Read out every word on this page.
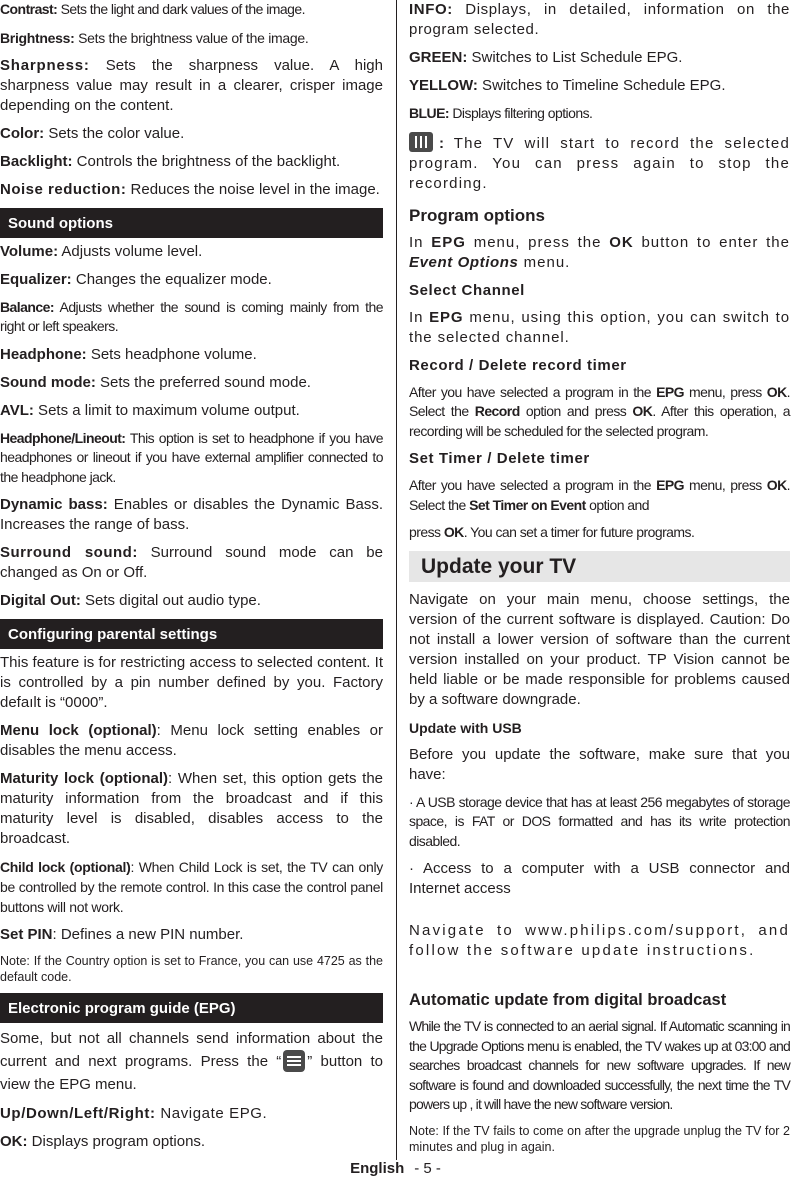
Contrast: Sets the light and dark values of the image.

Brightness: Sets the brightness value of the image.

Sharpness: Sets the sharpness value. A high sharpness value may result in a clearer, crisper image depending on the content.

Color: Sets the color value.

Backlight: Controls the brightness of the backlight.

Noise reduction: Reduces the noise level in the image.

Sound options

Volume: Adjusts volume level.

Equalizer: Changes the equalizer mode.

Balance: Adjusts whether the sound is coming mainly from the right or left speakers.

Headphone: Sets headphone volume.

Sound mode: Sets the preferred sound mode.

AVL: Sets a limit to maximum volume output.

Headphone/Lineout: This option is set to headphone if you have headphones or lineout if you have external amplifier connected to the headphone jack.

Dynamic bass: Enables or disables the Dynamic Bass. Increases the range of bass.

Surround sound: Surround sound mode can be changed as On or Off.

Digital Out: Sets digital out audio type.

Configuring parental settings

This feature is for restricting access to selected content. It is controlled by a pin number defined by you. Factory defaılt is “0000”.

Menu lock (optional): Menu lock setting enables or disables the menu access.

Maturity lock (optional): When set, this option gets the maturity information from the broadcast and if this maturity level is disabled, disables access to the broadcast.

Child lock (optional): When Child Lock is set, the TV can only be controlled by the remote control. In this case the control panel buttons will not work.

Set PIN: Defines a new PIN number.

Note: If the Country option is set to France, you can use 4725 as the default code.

Electronic program guide (EPG)

Some, but not all channels send information about the current and next programs. Press the “ ” button to view the EPG menu.

Up/Down/Left/Right: Navigate EPG.

OK: Displays program options.

INFO: Displays, in detailed, information on the program selected.

GREEN: Switches to List Schedule EPG.

YELLOW: Switches to Timeline Schedule EPG.

BLUE: Displays filtering options.

: The TV will start to record the selected program. You can press again to stop the recording.

Program options

In EPG menu, press the OK button to enter the Event Options menu.

Select Channel

In EPG menu, using this option, you can switch to the selected channel.

Record / Delete record timer

After you have selected a program in the EPG menu, press OK. Select the Record option and press OK. After this operation, a recording will be scheduled for the selected program.

Set Timer / Delete timer

After you have selected a program in the EPG menu, press OK. Select the Set Timer on Event option and

press OK. You can set a timer for future programs.

Update your TV

Navigate on your main menu, choose settings, the version of the current software is displayed. Caution: Do not install a lower version of software than the current version installed on your product. TP Vision cannot be held liable or be made responsible for problems caused by a software downgrade.

Update with USB

Before you update the software, make sure that you have:

· A USB storage device that has at least 256 megabytes of storage space, is FAT or DOS formatted and has its write protection disabled.

· Access to a computer with a USB connector and Internet access

Navigate to www.philips.com/support, and follow the software update instructions.

Automatic update from digital broadcast

While the TV is connected to an aerial signal. If Automatic scanning in the Upgrade Options menu is enabled, the TV wakes up at 03:00 and searches broadcast channels for new software upgrades. If new software is found and downloaded successfully, the next time the TV powers up , it will have the new software version.

Note: If the TV fails to come on after the upgrade unplug the TV for 2 minutes and plug in again.

English - 5 -
